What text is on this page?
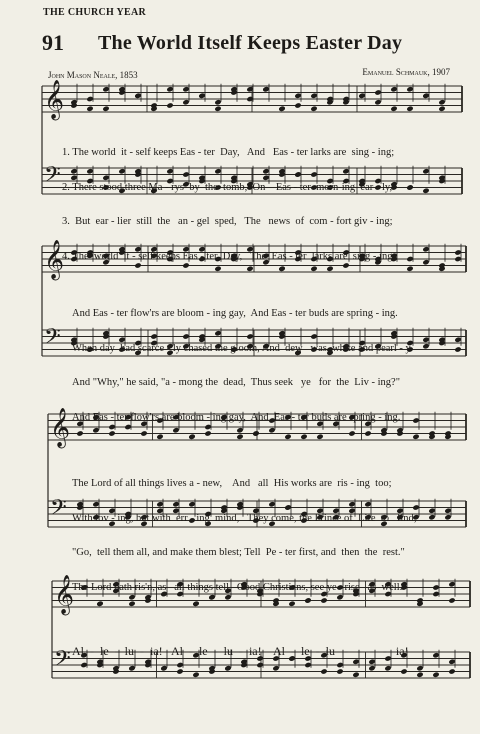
THE CHURCH YEAR
91 The World Itself Keeps Easter Day
John Mason Neale, 1853	Emanuel Schmauk, 1907
𝄞
𝄢
𝄞
𝄢
𝄞
𝄢
𝄞
𝄢

1. The world  it - self keeps Eas - ter  Day,   And   Eas - ter larks are  sing - ing;

2. There stood three Ma - rys  by  the  tomb,  On    Eas - ter  morn-ing  ear - ly,

3.  But  ear - lier  still  the   an - gel  sped,   The   news  of  com - fort giv - ing;

4. The  world  it - self keeps Eas - ter  Day,   The  Eas - ter  larks are  sing - ing;

And Eas - ter flow'rs are bloom - ing gay,  And Eas - ter buds are spring - ing.

When day  had scarce - ly chased the gloom, And  dew   was  white and pearl - y.

And "Why," he said, "a - mong the  dead,  Thus seek   ye   for  the  Liv - ing?"

And Eas - ter flow'rs are bloom - ing gay,  And  Eas - ter buds are spring - ing.

The Lord of all things lives a - new,    And   all  His works are  ris - ing  too;

With lov - ing, but with  err - ing  mind,   They come, the Prince of  Life  to   find;

"Go,  tell them all, and make them blest; Tell  Pe - ter first, and  then  the  rest."

The Lord hath ris'n, as   all things tell,  Good Christians, see ye   rise   as  well.

Al  -  le  -  lu  -  ia!   Al  -  le  -  lu  -  ia!    Al  -  le  -  lu   -   -   -   -   ia!
